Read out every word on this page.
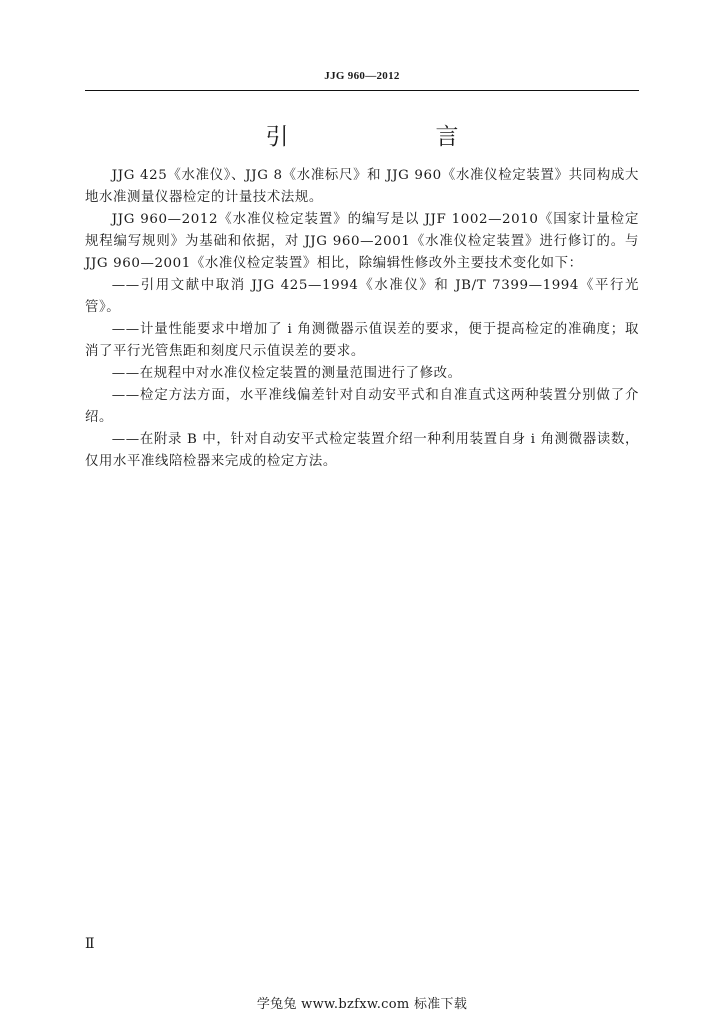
JJG 960—2012
引　言

JJG 425《水准仪》、JJG 8《水准标尺》和 JJG 960《水准仪检定装置》共同构成大地水准测量仪器检定的计量技术法规。

JJG 960—2012《水准仪检定装置》的编写是以 JJF 1002—2010《国家计量检定规程编写规则》为基础和依据，对 JJG 960—2001《水准仪检定装置》进行修订的。与 JJG 960—2001《水准仪检定装置》相比，除编辑性修改外主要技术变化如下：

——引用文献中取消 JJG 425—1994《水准仪》和 JB/T 7399—1994《平行光管》。

——计量性能要求中增加了 i 角测微器示值误差的要求，便于提高检定的准确度；取消了平行光管焦距和刻度尺示值误差的要求。

——在规程中对水准仪检定装置的测量范围进行了修改。

——检定方法方面，水平准线偏差针对自动安平式和自准直式这两种装置分别做了介绍。

——在附录 B 中，针对自动安平式检定装置介绍一种利用装置自身 i 角测微器读数，仅用水平准线陪检器来完成的检定方法。

Ⅱ
学兔兔 www.bzfxw.com 标准下载
